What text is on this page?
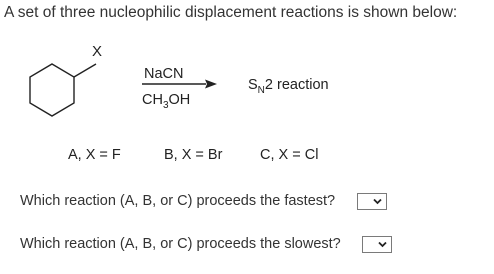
A set of three nucleophilic displacement reactions is shown below:
X
NaCN
$CH_3OH$
$S_N2$ reaction
A, X = F	B, X = Br	C, X = Cl
Which reaction (A, B, or C) proceeds the fastest?
Which reaction (A, B, or C) proceeds the slowest?
